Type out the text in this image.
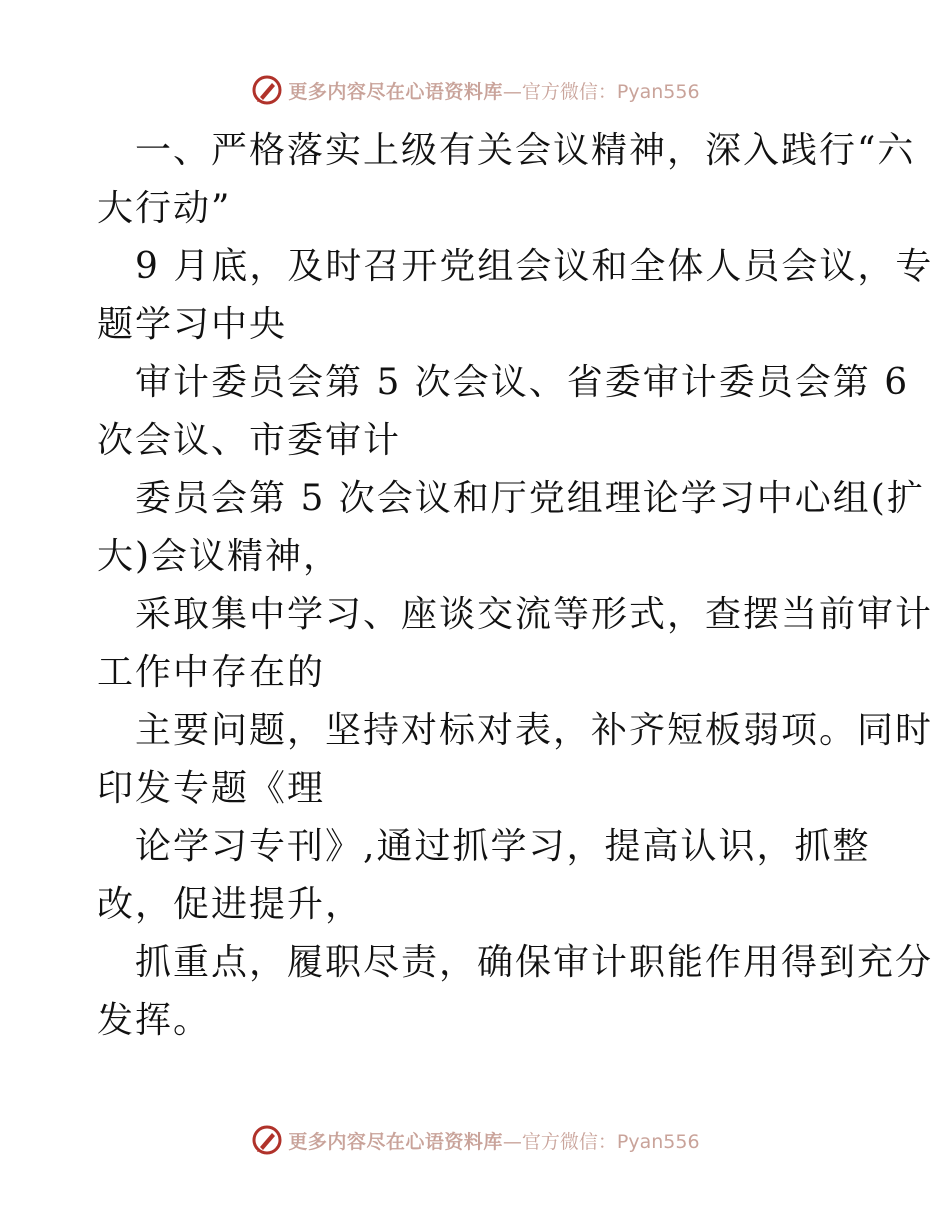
更多内容尽在心语资料库 —官方微信：Pyan556
一、严格落实上级有关会议精神，深入践行“六
大行动”
9 月底，及时召开党组会议和全体人员会议，专
题学习中央
审计委员会第 5 次会议、省委审计委员会第 6
次会议、市委审计
委员会第 5 次会议和厅党组理论学习中心组(扩
大)会议精神，
采取集中学习、座谈交流等形式，查摆当前审计
工作中存在的
主要问题，坚持对标对表，补齐短板弱项。同时
印发专题《理
论学习专刊》,通过抓学习，提高认识，抓整
改，促进提升，
抓重点，履职尽责，确保审计职能作用得到充分
发挥。
更多内容尽在心语资料库 —官方微信：Pyan556
